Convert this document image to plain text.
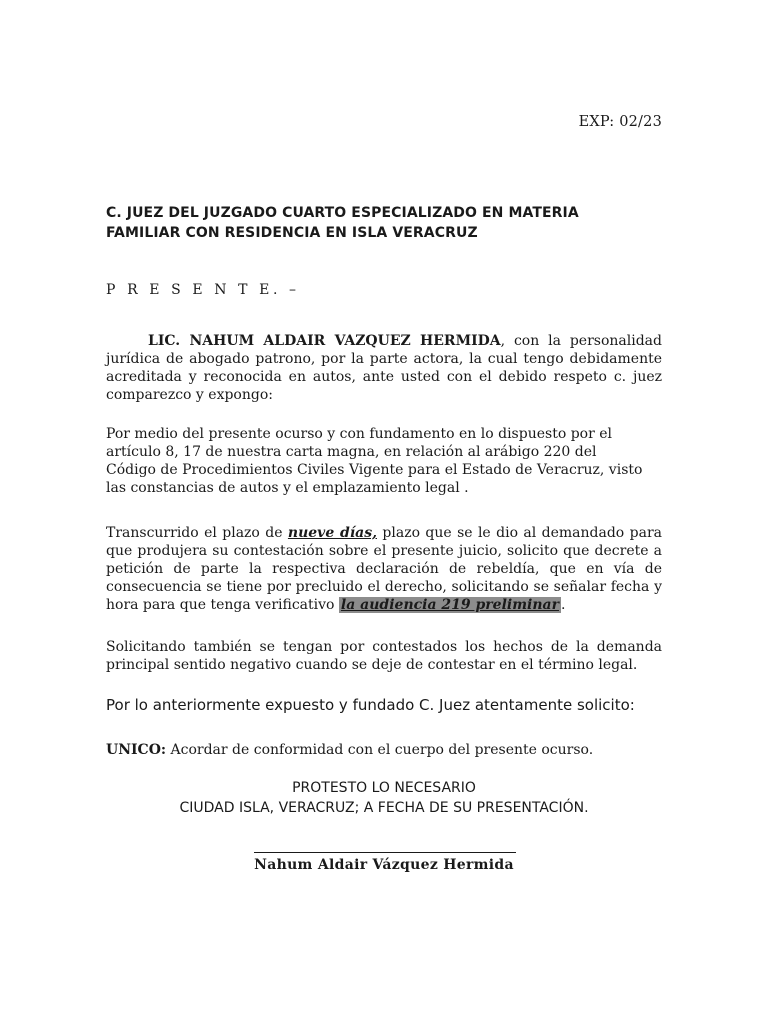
EXP: 02/23
C. JUEZ DEL JUZGADO CUARTO ESPECIALIZADO EN MATERIA
FAMILIAR CON RESIDENCIA EN ISLA VERACRUZ
P R E S E N T E. –
LIC. NAHUM ALDAIR VAZQUEZ HERMIDA, con la personalidad jurídica de abogado patrono, por la parte actora, la cual tengo debidamente acreditada y reconocida en autos, ante usted con el debido respeto c. juez comparezco y expongo:
Por medio del presente ocurso y con fundamento en lo dispuesto por el
artículo 8, 17 de nuestra carta magna, en relación al arábigo 220 del
Código de Procedimientos Civiles Vigente para el Estado de Veracruz, visto
las constancias de autos y el emplazamiento legal .
Transcurrido el plazo de nueve días, plazo que se le dio al demandado para que produjera su contestación sobre el presente juicio, solicito que decrete a petición de parte la respectiva declaración de rebeldía, que en vía de consecuencia se tiene por precluido el derecho, solicitando se señalar fecha y hora para que tenga verificativo la audiencia 219 preliminar .
Solicitando también se tengan por contestados los hechos de la demanda principal sentido negativo cuando se deje de contestar en el término legal.
Por lo anteriormente expuesto y fundado C. Juez atentamente solicito:
UNICO: Acordar de conformidad con el cuerpo del presente ocurso.
PROTESTO LO NECESARIO
CIUDAD ISLA, VERACRUZ; A FECHA DE SU PRESENTACIÓN.
Nahum Aldair Vázquez Hermida
